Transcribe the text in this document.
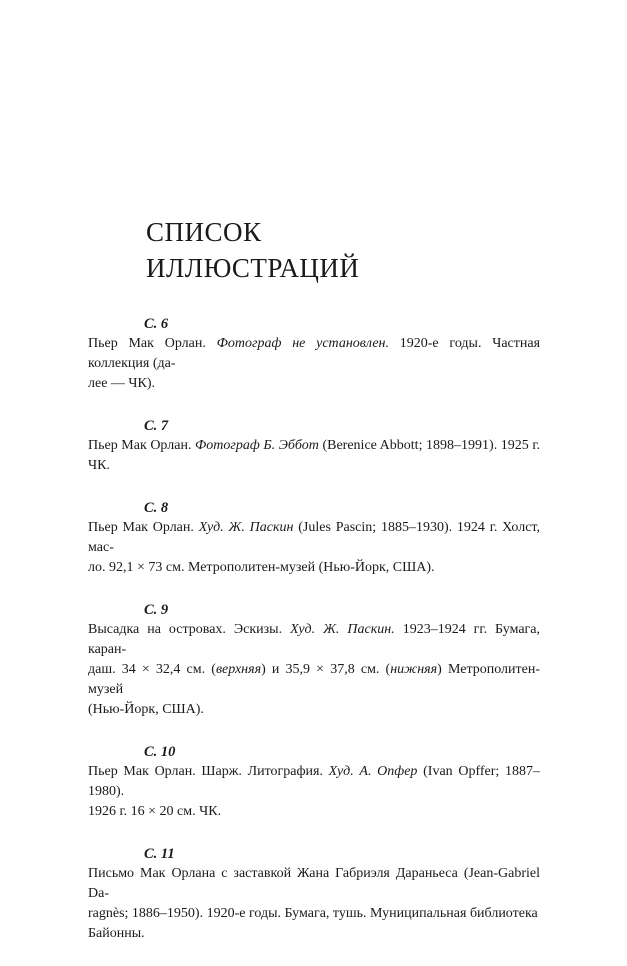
СПИСОК
ИЛЛЮСТРАЦИЙ

С. 6

Пьер Мак Орлан. Фотограф не установлен. 1920-е годы. Частная коллекция (да-
лее — ЧК).

С. 7

Пьер Мак Орлан. Фотограф Б. Эббот (Berenice Abbott; 1898–1991). 1925 г. ЧК.

С. 8

Пьер Мак Орлан. Худ. Ж. Паскин (Jules Pascin; 1885–1930). 1924 г. Холст, мас-
ло. 92,1 × 73 см. Метрополитен-музей (Нью-Йорк, США).

С. 9

Высадка на островах. Эскизы. Худ. Ж. Паскин. 1923–1924 гг. Бумага, каран-
даш. 34 × 32,4 см. (верхняя) и 35,9 × 37,8 см. (нижняя) Метрополитен-музей
(Нью-Йорк, США).

С. 10

Пьер Мак Орлан. Шарж. Литография. Худ. А. Опфер (Ivan Opffer; 1887–1980).
1926 г. 16 × 20 см. ЧК.

С. 11

Письмо Мак Орлана с заставкой Жана Габриэля Дараньеса (Jean-Gabriel Da-
ragnès; 1886–1950). 1920-е годы. Бумага, тушь. Муниципальная библиотека
Байонны.
